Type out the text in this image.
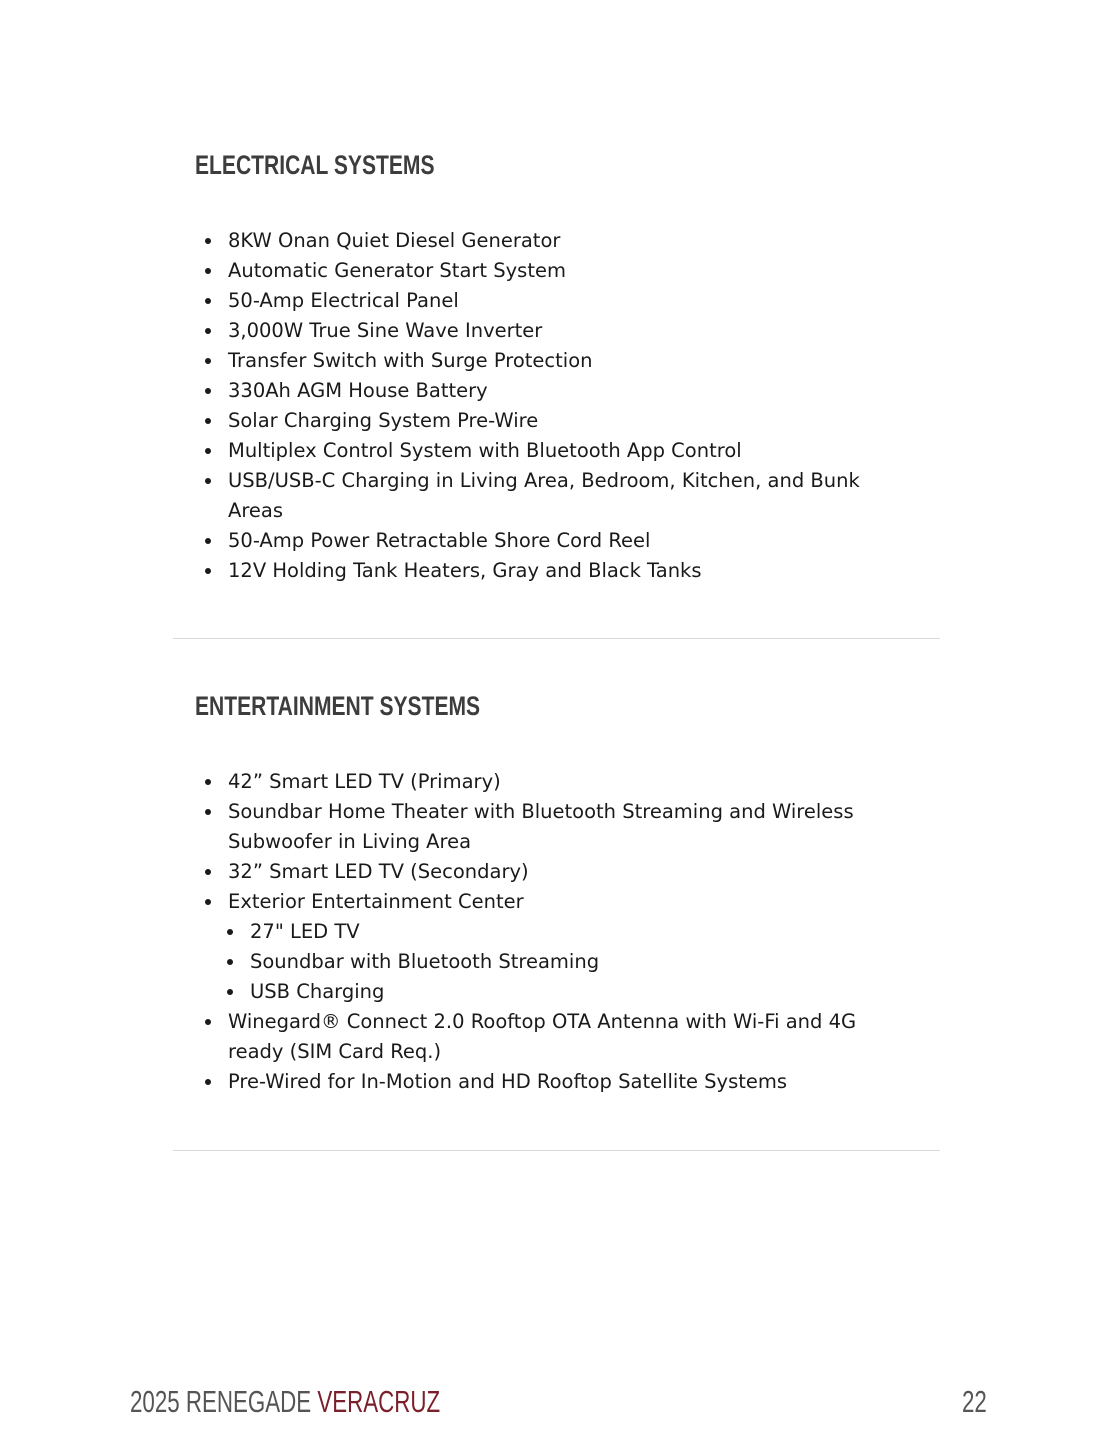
ELECTRICAL SYSTEMS
8KW Onan Quiet Diesel Generator
Automatic Generator Start System
50-Amp Electrical Panel
3,000W True Sine Wave Inverter
Transfer Switch with Surge Protection
330Ah AGM House Battery
Solar Charging System Pre-Wire
Multiplex Control System with Bluetooth App Control
USB/USB-C Charging in Living Area, Bedroom, Kitchen, and Bunk Areas
50-Amp Power Retractable Shore Cord Reel
12V Holding Tank Heaters, Gray and Black Tanks
ENTERTAINMENT SYSTEMS
42” Smart LED TV (Primary)
Soundbar Home Theater with Bluetooth Streaming and Wireless Subwoofer in Living Area
32” Smart LED TV (Secondary)
Exterior Entertainment Center
27" LED TV
Soundbar with Bluetooth Streaming
USB Charging
Winegard® Connect 2.0 Rooftop OTA Antenna with Wi-Fi and 4G ready (SIM Card Req.)
Pre-Wired for In-Motion and HD Rooftop Satellite Systems
2025 RENEGADE VERACRUZ	22
